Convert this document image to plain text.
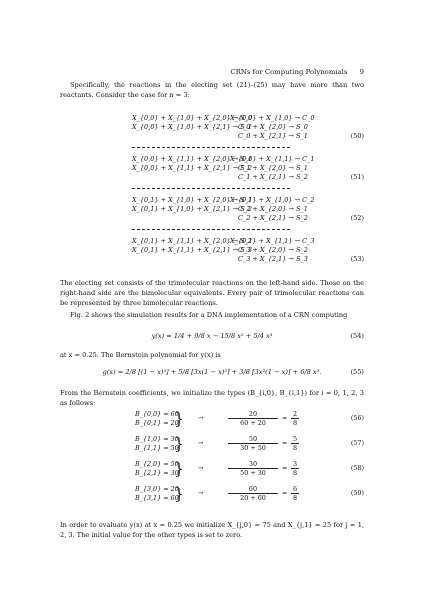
CRNs for Computing Polynomials 9
Specifically, the reactions in the electing set (21)–(25) may have more than two reactants. Consider the case for n = 3:
X_{0,0} + X_{1,0} + X_{2,0} → S_0
X_{0,0} + X_{1,0} + X_{2,1} → S_1
X_{0,0} + X_{1,0} → C_0
C_0 + X_{2,0} → S_0
C_0 + X_{2,1} → S_1	(50)
X_{0,0} + X_{1,1} + X_{2,0} → S_1
X_{0,0} + X_{1,1} + X_{2,1} → S_2
X_{0,0} + X_{1,1} → C_1
C_1 + X_{2,0} → S_1
C_1 + X_{2,1} → S_2	(51)
X_{0,1} + X_{1,0} + X_{2,0} → S_1
X_{0,1} + X_{1,0} + X_{2,1} → S_2
X_{0,1} + X_{1,0} → C_2
C_2 + X_{2,0} → S_1
C_2 + X_{2,1} → S_2	(52)
X_{0,1} + X_{1,1} + X_{2,0} → S_2
X_{0,1} + X_{1,1} + X_{2,1} → S_3
X_{0,1} + X_{1,1} → C_3
C_3 + X_{2,0} → S_2
C_3 + X_{2,1} → S_3	(53)
The electing set consists of the trimolecular reactions on the left-hand side. Those on the right-hand side are the bimolecular equivalents. Every pair of trimolecular reactions can be represented by three bimolecular reactions.
Fig. 2 shows the simulation results for a DNA implementation of a CRN computing
y(x) = 1/4 + 9/8 x − 15/8 x² + 5/4 x³	(54)
at x = 0.25. The Bernstein polynomial for y(x) is
g(x) = 2/8 [(1 − x)³] + 5/8 [3x(1 − x)²] + 3/8 [3x²(1 − x)] + 6/8 x³.	(55)
From the Bernstein coefficients, we initialize the types (B_{i,0}, B_{i,1}) for i = 0, 1, 2, 3 as follows:
B_{0,0} = 60
B_{0,1} = 20
} →	$\frac{20}{60 + 20} = \frac{2}{8}$	(56)
B_{1,0} = 30
B_{1,1} = 50
} →	$\frac{50}{30 + 50} = \frac{5}{8}$	(57)
B_{2,0} = 50
B_{2,1} = 30
} →	$\frac{30}{50 + 30} = \frac{3}{8}$	(58)
B_{3,0} = 20
B_{3,1} = 60
} →	$\frac{60}{20 + 60} = \frac{6}{8}$	(59)
In order to evaluate y(x) at x = 0.25 we initialize X_{j,0} = 75 and X_{j,1} = 25 for j = 1, 2, 3. The initial value for the other types is set to zero.
